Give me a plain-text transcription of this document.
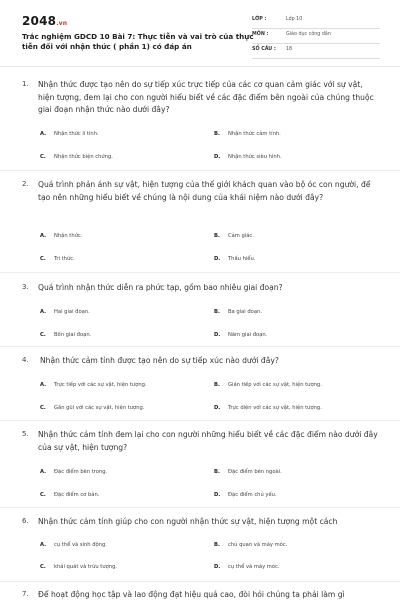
2048.vn
Trắc nghiệm GDCD 10 Bài 7: Thực tiễn và vai trò của thực tiễn đối với nhận thức ( phần 1) có đáp án
LỚP :	Lớp 10
MÔN :	Giáo dục công dân
SỐ CÂU : 18
1. Nhận thức được tạo nên do sự tiếp xúc trực tiếp của các cơ quan cảm giác với sự vật, hiện tượng, đem lại cho con người hiểu biết về các đặc điểm bên ngoài của chúng thuộc giai đoạn nhận thức nào dưới đây?
A. Nhận thức lí tính.	B. Nhận thức cảm tính.
C. Nhận thức biện chứng.	D. Nhận thức siêu hình.
2. Quá trình phản ánh sự vật, hiện tượng của thế giới khách quan vào bộ óc con người, để tạo nên những hiểu biết về chúng là nội dung của khái niệm nào dưới đây?
A. Nhận thức.	B. Cảm giác.
C. Tri thức.	D. Thấu hiểu.
3. Quá trình nhận thức diễn ra phức tạp, gồm bao nhiêu giai đoạn?
A. Hai giai đoạn.	B. Ba giai đoạn.
C. Bốn giai đoạn.	D. Năm giai đoạn.
4. Nhận thức cảm tính được tạo nên do sự tiếp xúc nào dưới đây?
A. Trực tiếp với các sự vật, hiện tượng.	B. Gián tiếp với các sự vật, hiện tượng.
C. Gần gũi với các sự vật, hiện tượng.	D. Trực diện với các sự vật, hiện tượng.
5. Nhận thức cảm tính đem lại cho con người những hiểu biết về các đặc điểm nào dưới đây của sự vật, hiện tượng?
A. Đặc điểm bên trong.	B. Đặc điểm bên ngoài.
C. Đặc điểm cơ bản.	D. Đặc điểm chủ yếu.
6. Nhận thức cảm tính giúp cho con người nhận thức sự vật, hiện tượng một cách
A. cụ thể và sinh động.	B. chủ quan và máy móc.
C. khái quát và trừu tượng.	D. cụ thể và máy móc.
7. Để hoạt động học tập và lao động đạt hiệu quả cao, đòi hỏi chúng ta phải làm gì
